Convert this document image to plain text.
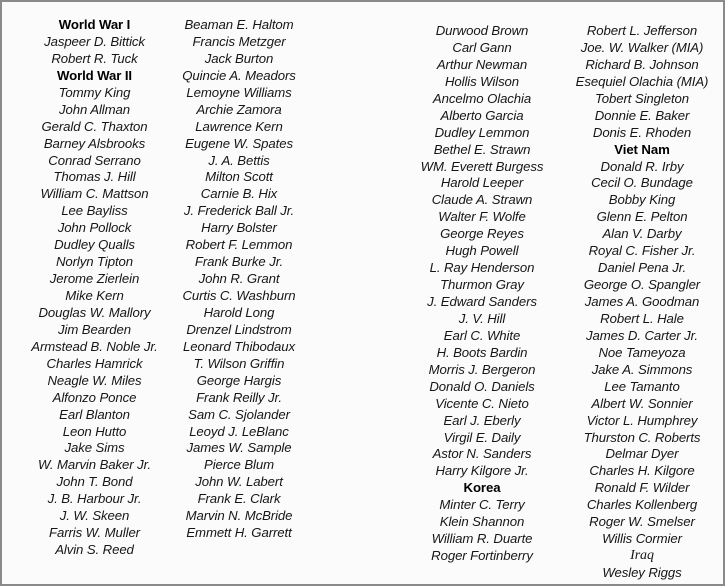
World War I
Jaspeer D. Bittick
Robert R. Tuck
World War II
Tommy King
John Allman
Gerald C. Thaxton
Barney Alsbrooks
Conrad Serrano
Thomas J. Hill
William C. Mattson
Lee Bayliss
John Pollock
Dudley Qualls
Norlyn Tipton
Jerome Zierlein
Mike Kern
Douglas W. Mallory
Jim Bearden
Armstead B. Noble Jr.
Charles Hamrick
Neagle W. Miles
Alfonzo Ponce
Earl Blanton
Leon Hutto
Jake Sims
W. Marvin Baker Jr.
John T. Bond
J. B. Harbour Jr.
J. W. Skeen
Farris W. Muller
Alvin S. Reed
Beaman E. Haltom
Francis Metzger
Jack Burton
Quincie A. Meadors
Lemoyne Williams
Archie Zamora
Lawrence Kern
Eugene W. Spates
J. A. Bettis
Milton Scott
Carnie B. Hix
J. Frederick Ball Jr.
Harry Bolster
Robert F. Lemmon
Frank Burke Jr.
John R. Grant
Curtis C. Washburn
Harold Long
Drenzel Lindstrom
Leonard Thibodaux
T. Wilson Griffin
George Hargis
Frank Reilly Jr.
Sam C. Sjolander
Leoyd J. LeBlanc
James W. Sample
Pierce Blum
John W. Labert
Frank E. Clark
Marvin N. McBride
Emmett H. Garrett
Durwood Brown
Carl Gann
Arthur Newman
Hollis Wilson
Ancelmo Olachia
Alberto Garcia
Dudley Lemmon
Bethel E. Strawn
WM. Everett Burgess
Harold Leeper
Claude A. Strawn
Walter F. Wolfe
George Reyes
Hugh Powell
L. Ray Henderson
Thurmon Gray
J. Edward Sanders
J. V. Hill
Earl C. White
H. Boots Bardin
Morris J. Bergeron
Donald O. Daniels
Vicente C. Nieto
Earl J. Eberly
Virgil E. Daily
Astor N. Sanders
Harry Kilgore Jr.
Korea
Minter C. Terry
Klein Shannon
William R. Duarte
Roger Fortinberry
Robert L. Jefferson
Joe. W. Walker (MIA)
Richard B. Johnson
Esequiel Olachia (MIA)
Tobert Singleton
Donnie E. Baker
Donis E. Rhoden
Viet Nam
Donald R. Irby
Cecil O. Bundage
Bobby King
Glenn E. Pelton
Alan V. Darby
Royal C. Fisher Jr.
Daniel Pena Jr.
George O. Spangler
James A. Goodman
Robert L. Hale
James D. Carter Jr.
Noe Tameyoza
Jake A. Simmons
Lee Tamanto
Albert W. Sonnier
Victor L. Humphrey
Thurston C. Roberts
Delmar Dyer
Charles H. Kilgore
Ronald F. Wilder
Charles Kollenberg
Roger W. Smelser
Willis Cormier
Iraq
Wesley Riggs
